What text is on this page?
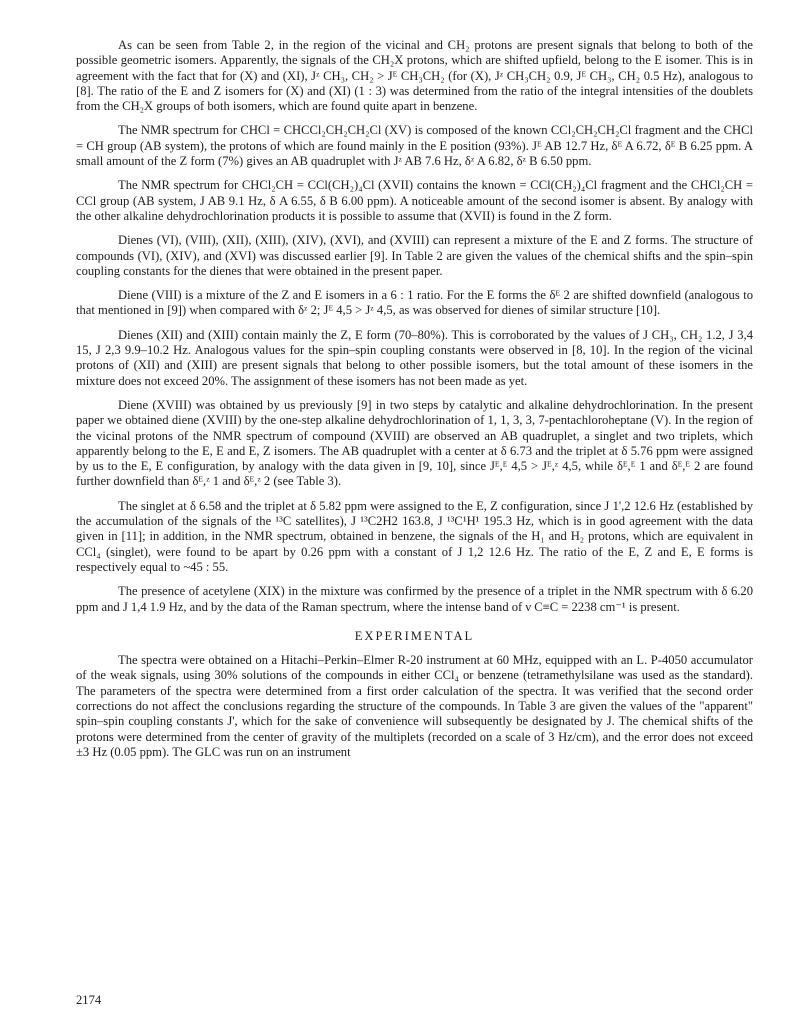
As can be seen from Table 2, in the region of the vicinal and CH₂ protons are present signals that belong to both of the possible geometric isomers. Apparently, the signals of the CH₂X protons, which are shifted upfield, belong to the E isomer. This is in agreement with the fact that for (X) and (XI), Jᶻ CH₃, CH₂ > Jᴱ CH₃CH₂ (for (X), Jᶻ CH₃CH₂ 0.9, Jᴱ CH₃, CH₂ 0.5 Hz), analogous to [8]. The ratio of the E and Z isomers for (X) and (XI) (1 : 3) was determined from the ratio of the integral intensities of the doublets from the CH₂X groups of both isomers, which are found quite apart in benzene.

The NMR spectrum for CHCl = CHCCl₂CH₂CH₂Cl (XV) is composed of the known CCl₂CH₂CH₂Cl fragment and the CHCl = CH group (AB system), the protons of which are found mainly in the E position (93%). Jᴱ AB 12.7 Hz, δᴱ A 6.72, δᴱ B 6.25 ppm. A small amount of the Z form (7%) gives an AB quadruplet with Jᶻ AB 7.6 Hz, δᶻ A 6.82, δᶻ B 6.50 ppm.

The NMR spectrum for CHCl₂CH = CCl(CH₂)₄Cl (XVII) contains the known = CCl(CH₂)₄Cl fragment and the CHCl₂CH = CCl group (AB system, J AB 9.1 Hz, δ A 6.55, δ B 6.00 ppm). A noticeable amount of the second isomer is absent. By analogy with the other alkaline dehydrochlorination products it is possible to assume that (XVII) is found in the Z form.

Dienes (VI), (VIII), (XII), (XIII), (XIV), (XVI), and (XVIII) can represent a mixture of the E and Z forms. The structure of compounds (VI), (XIV), and (XVI) was discussed earlier [9]. In Table 2 are given the values of the chemical shifts and the spin–spin coupling constants for the dienes that were obtained in the present paper.

Diene (VIII) is a mixture of the Z and E isomers in a 6 : 1 ratio. For the E forms the δᴱ 2 are shifted downfield (analogous to that mentioned in [9]) when compared with δᶻ 2; Jᴱ 4,5 > Jᶻ 4,5, as was observed for dienes of similar structure [10].

Dienes (XII) and (XIII) contain mainly the Z, E form (70–80%). This is corroborated by the values of J CH₃, CH₂ 1.2, J 3,4 15, J 2,3 9.9–10.2 Hz. Analogous values for the spin–spin coupling constants were observed in [8, 10]. In the region of the vicinal protons of (XII) and (XIII) are present signals that belong to other possible isomers, but the total amount of these isomers in the mixture does not exceed 20%. The assignment of these isomers has not been made as yet.

Diene (XVIII) was obtained by us previously [9] in two steps by catalytic and alkaline dehydrochlorination. In the present paper we obtained diene (XVIII) by the one-step alkaline dehydrochlorination of 1, 1, 3, 3, 7-pentachloroheptane (V). In the region of the vicinal protons of the NMR spectrum of compound (XVIII) are observed an AB quadruplet, a singlet and two triplets, which apparently belong to the E, E and E, Z isomers. The AB quadruplet with a center at δ 6.73 and the triplet at δ 5.76 ppm were assigned by us to the E, E configuration, by analogy with the data given in [9, 10], since Jᴱ,ᴱ 4,5 > Jᴱ,ᶻ 4,5, while δᴱ,ᴱ 1 and δᴱ,ᴱ 2 are found further downfield than δᴱ,ᶻ 1 and δᴱ,ᶻ 2 (see Table 3).

The singlet at δ 6.58 and the triplet at δ 5.82 ppm were assigned to the E, Z configuration, since J 1',2 12.6 Hz (established by the accumulation of the signals of the ¹³C satellites), J ¹³C2H2 163.8, J ¹³C¹H¹ 195.3 Hz, which is in good agreement with the data given in [11]; in addition, in the NMR spectrum, obtained in benzene, the signals of the H₁ and H₂ protons, which are equivalent in CCl₄ (singlet), were found to be apart by 0.26 ppm with a constant of J 1,2 12.6 Hz. The ratio of the E, Z and E, E forms is respectively equal to ~45 : 55.

The presence of acetylene (XIX) in the mixture was confirmed by the presence of a triplet in the NMR spectrum with δ 6.20 ppm and J 1,4 1.9 Hz, and by the data of the Raman spectrum, where the intense band of ν C≡C = 2238 cm⁻¹ is present.

EXPERIMENTAL

The spectra were obtained on a Hitachi–Perkin–Elmer R-20 instrument at 60 MHz, equipped with an L. P-4050 accumulator of the weak signals, using 30% solutions of the compounds in either CCl₄ or benzene (tetramethylsilane was used as the standard). The parameters of the spectra were determined from a first order calculation of the spectra. It was verified that the second order corrections do not affect the conclusions regarding the structure of the compounds. In Table 3 are given the values of the "apparent" spin–spin coupling constants J', which for the sake of convenience will subsequently be designated by J. The chemical shifts of the protons were determined from the center of gravity of the multiplets (recorded on a scale of 3 Hz/cm), and the error does not exceed ±3 Hz (0.05 ppm). The GLC was run on an instrument

2174
